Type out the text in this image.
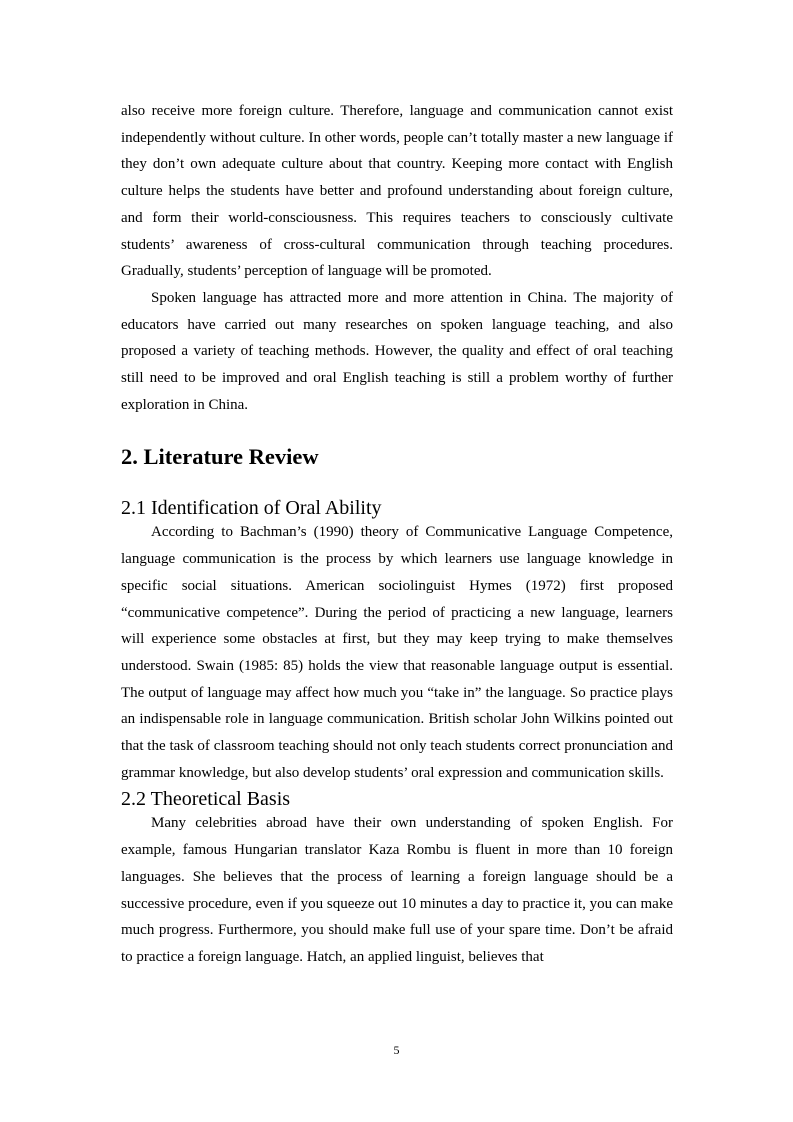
also receive more foreign culture. Therefore, language and communication cannot exist independently without culture. In other words, people can’t totally master a new language if they don’t own adequate culture about that country. Keeping more contact with English culture helps the students have better and profound understanding about foreign culture, and form their world-consciousness. This requires teachers to consciously cultivate students’ awareness of cross-cultural communication through teaching procedures. Gradually, students’ perception of language will be promoted.

Spoken language has attracted more and more attention in China. The majority of educators have carried out many researches on spoken language teaching, and also proposed a variety of teaching methods. However, the quality and effect of oral teaching still need to be improved and oral English teaching is still a problem worthy of further exploration in China.

2. Literature Review
2.1 Identification of Oral Ability

According to Bachman’s (1990) theory of Communicative Language Competence, language communication is the process by which learners use language knowledge in specific social situations. American sociolinguist Hymes (1972) first proposed “communicative competence”. During the period of practicing a new language, learners will experience some obstacles at first, but they may keep trying to make themselves understood. Swain (1985: 85) holds the view that reasonable language output is essential. The output of language may affect how much you “take in” the language. So practice plays an indispensable role in language communication. British scholar John Wilkins pointed out that the task of classroom teaching should not only teach students correct pronunciation and grammar knowledge, but also develop students’ oral expression and communication skills.

2.2 Theoretical Basis

Many celebrities abroad have their own understanding of spoken English. For example, famous Hungarian translator Kaza Rombu is fluent in more than 10 foreign languages. She believes that the process of learning a foreign language should be a successive procedure, even if you squeeze out 10 minutes a day to practice it, you can make much progress. Furthermore, you should make full use of your spare time. Don’t be afraid to practice a foreign language. Hatch, an applied linguist, believes that

5
